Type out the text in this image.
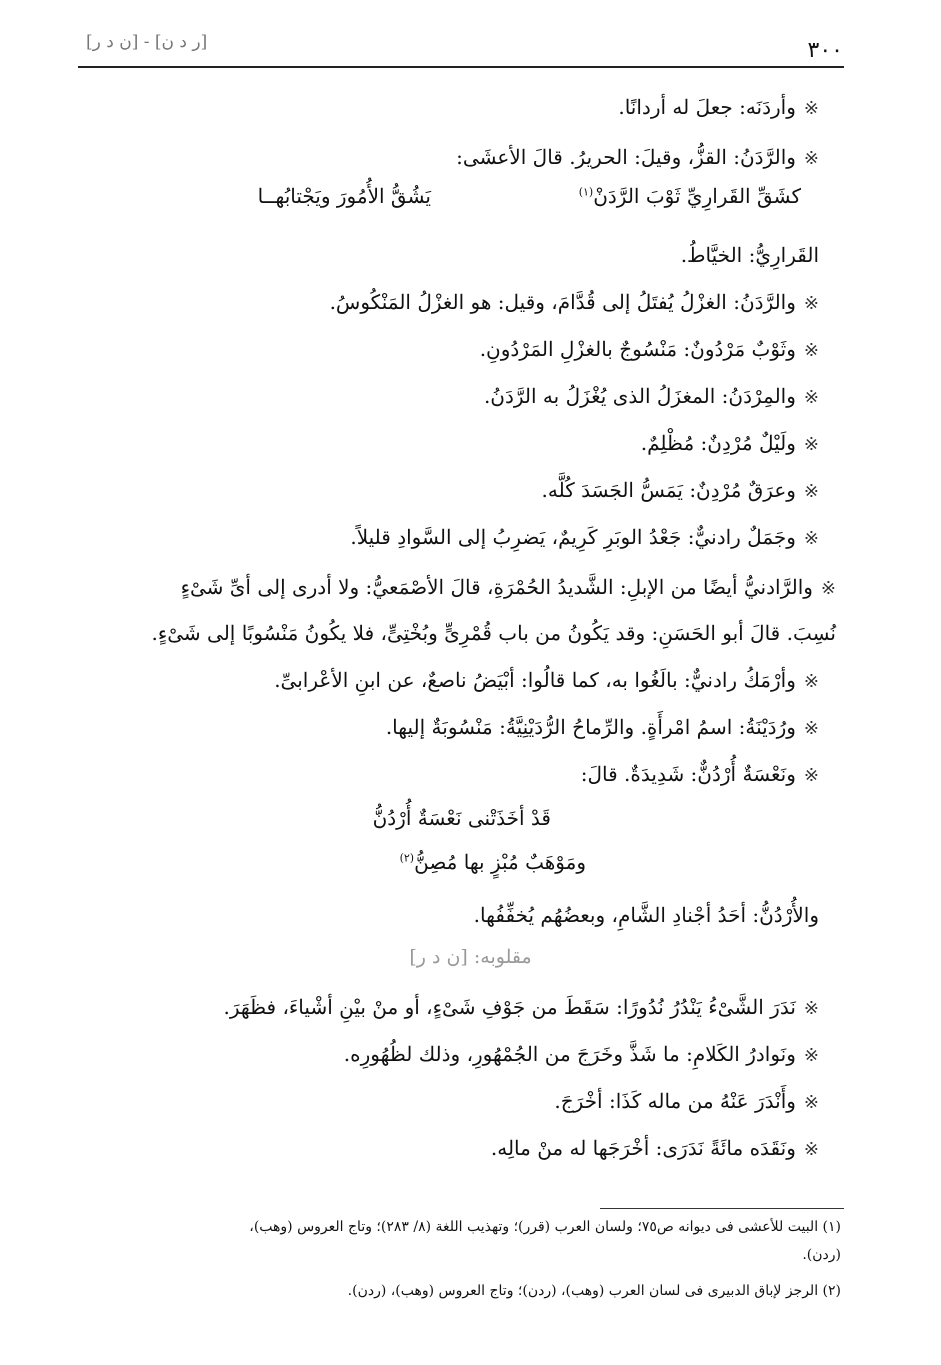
[ر د ن] - [ن د ر]	٣٠٠
※وأردَنَه: جعلَ له أردانًا.
※والرَّدَنُ: القزُّ، وقيلَ: الحريرُ. قالَ الأعشَى:
كشَقِّ القَرارِيِّ ثَوْبَ الرَّدَنْ$^{(١)}$
يَشُقُّ الأُمُورَ ويَجْتابُهــا
القَرارِيُّ: الخيَّاطُ.
※والرَّدَنُ: الغزْلُ يُفتَلُ إلى قُدَّامَ، وقيل: هو الغزْلُ المَنْكُوسُ.
※وثَوْبٌ مَرْدُونٌ: مَنْسُوجٌ بالغزْلِ المَرْدُونِ.
※والمِرْدَنُ: المغزَلُ الذى يُغْزَلُ به الرَّدَنُ.
※ولَيْلٌ مُرْدِنٌ: مُظْلِمٌ.
※وعرَقٌ مُرْدِنٌ: يَمَسُّ الجَسَدَ كُلَّه.
※وجَمَلٌ رادنيٌّ: جَعْدُ الوبَرِ كَرِيمٌ، يَضرِبُ إلى السَّوادِ قليلاً.
※والرَّادنيُّ أيضًا من الإبلِ: الشَّديدُ الحُمْرَةِ، قالَ الأصْمَعيُّ: ولا أدرى إلى أىِّ شَىْءٍ
نُسِبَ. قالَ أبو الحَسَنِ: وقد يَكُونُ من باب قُمْرِىٍّ وبُخْتِىٍّ، فلا يكُونُ مَنْسُوبًا إلى شَىْءٍ.
※وأرْمَكُ رادنيٌّ: بالَغُوا به، كما قالُوا: أبْيَضُ ناصعٌ، عن ابنِ الأعْرابىِّ.
※ورُدَيْنَةُ: اسمُ امْرأَةٍ. والرِّماحُ الرُّدَيْنِيَّةُ: مَنْسُوبَةٌ إليها.
※ونَعْسَةٌ أُرْدُنٌّ: شَدِيدَةٌ. قالَ:
قَدْ أخَذَتْنى نَعْسَةٌ أُرْدُنُّ
ومَوْهَبٌ مُبْزٍ بها مُصِنُّ$^{(٢)}$
والأُرْدُنُّ: أحَدُ أجْنادِ الشَّامِ، وبعضُهُم يُخفِّفُها.
مقلوبه: [ن د ر]
※نَدَرَ الشَّىْءُ يَنْدُرُ نُدُورًا: سَقَطَ من جَوْفِ شَىْءٍ، أو منْ بيْنِ أشْياءَ، فظَهَرَ.
※ونَوادرُ الكَلامِ: ما شَذَّ وخَرَجَ من الجُمْهُورِ، وذلك لظُهُورِه.
※وأَنْدَرَ عَنْهُ من ماله كَذَا: أخْرَجَ.
※ونَقَدَه مائَةً نَدَرَى: أخْرَجَها له منْ مالِه.
(١) البيت للأعشى فى ديوانه ص٧٥؛ ولسان العرب (قرر)؛ وتهذيب اللغة (٨/ ٢٨٣)؛ وتاج العروس (وهب)،
(ردن).
(٢) الرجز لإباق الدبيرى فى لسان العرب (وهب)، (ردن)؛ وتاج العروس (وهب)، (ردن).
